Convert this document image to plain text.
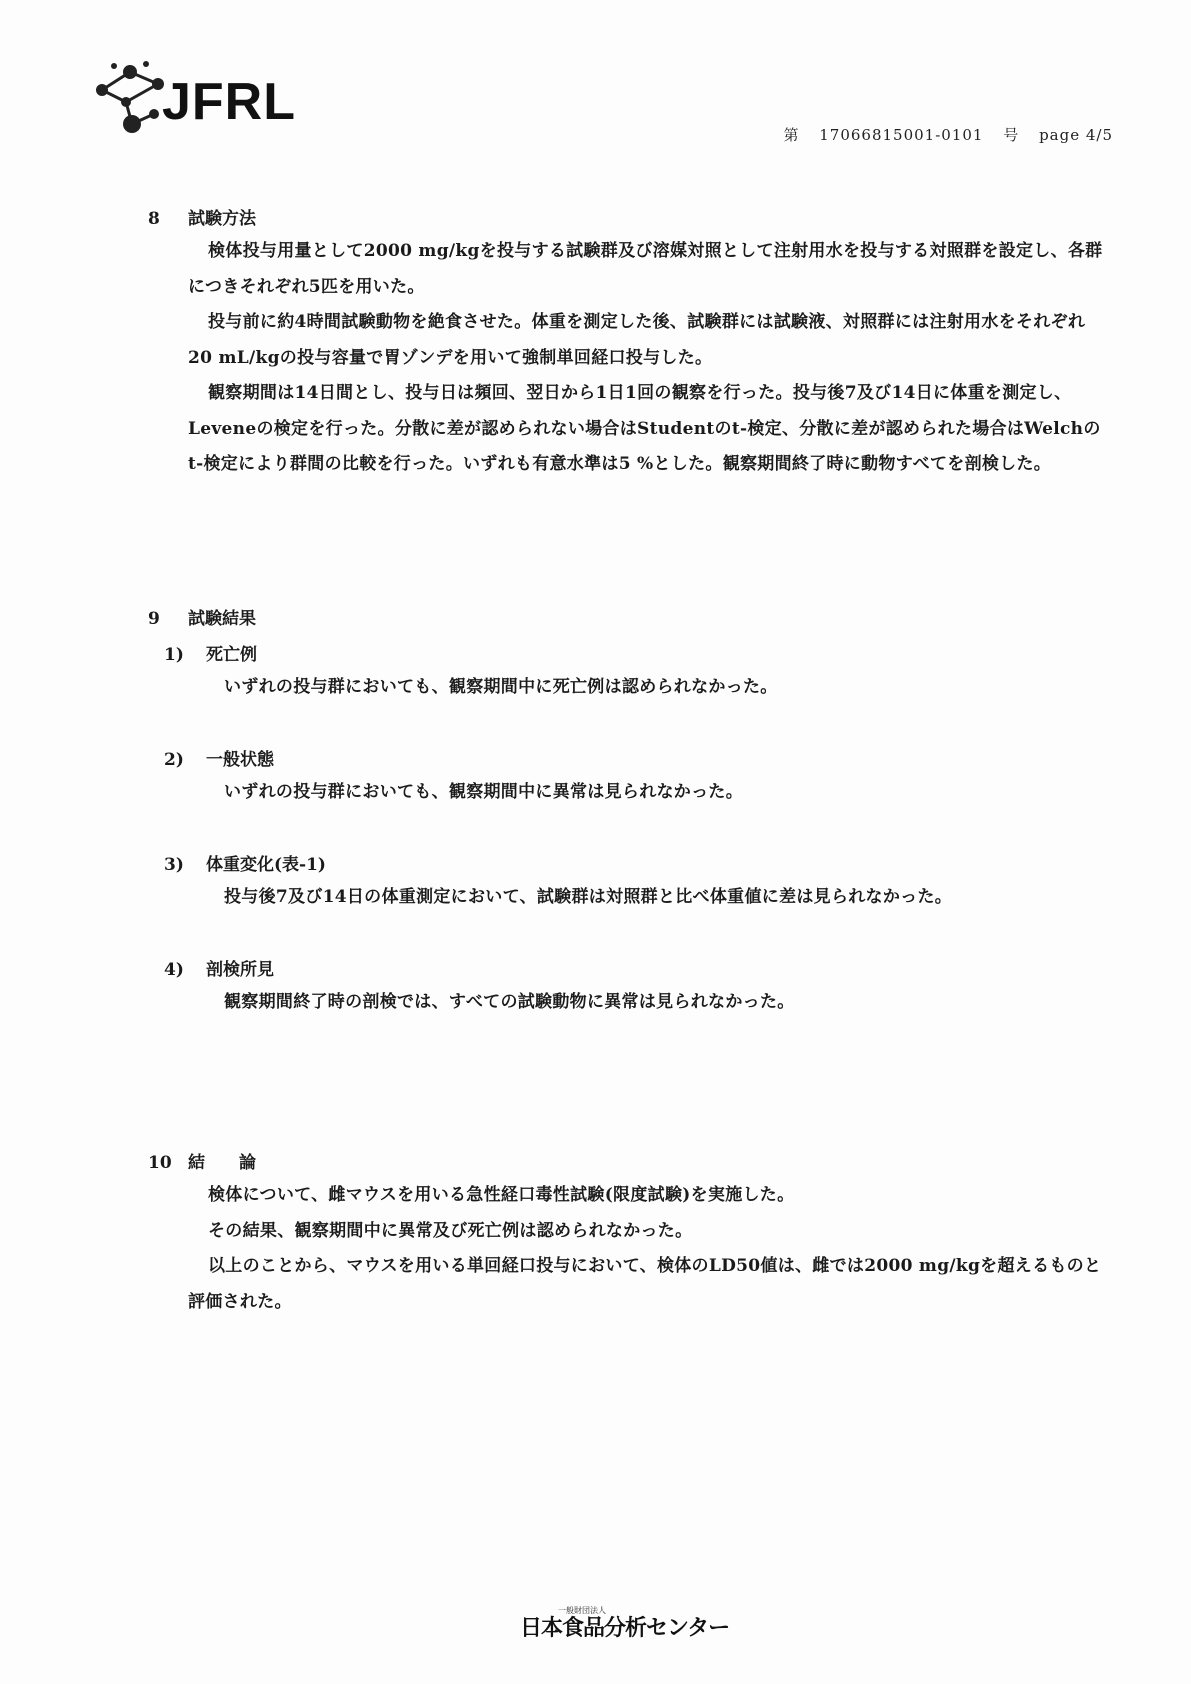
JFRL
第 17066815001-0101 号 page 4/5
8 試験方法

検体投与用量として2000 mg/kgを投与する試験群及び溶媒対照として注射用水を投与する対照群を設定し、各群につきそれぞれ5匹を用いた。

投与前に約4時間試験動物を絶食させた。体重を測定した後、試験群には試験液、対照群には注射用水をそれぞれ20 mL/kgの投与容量で胃ゾンデを用いて強制単回経口投与した。

観察期間は14日間とし、投与日は頻回、翌日から1日1回の観察を行った。投与後7及び14日に体重を測定し、Leveneの検定を行った。分散に差が認められない場合はStudentのt-検定、分散に差が認められた場合はWelchのt-検定により群間の比較を行った。いずれも有意水準は5 %とした。観察期間終了時に動物すべてを剖検した。

9 試験結果
1) 死亡例

いずれの投与群においても、観察期間中に死亡例は認められなかった。

2) 一般状態

いずれの投与群においても、観察期間中に異常は見られなかった。

3) 体重変化(表-1)

投与後7及び14日の体重測定において、試験群は対照群と比べ体重値に差は見られなかった。

4) 剖検所見

観察期間終了時の剖検では、すべての試験動物に異常は見られなかった。

10 結　　論

検体について、雌マウスを用いる急性経口毒性試験(限度試験)を実施した。

その結果、観察期間中に異常及び死亡例は認められなかった。

以上のことから、マウスを用いる単回経口投与において、検体のLD50値は、雌では2000 mg/kgを超えるものと評価された。

一般財団法人
日本食品分析センター
